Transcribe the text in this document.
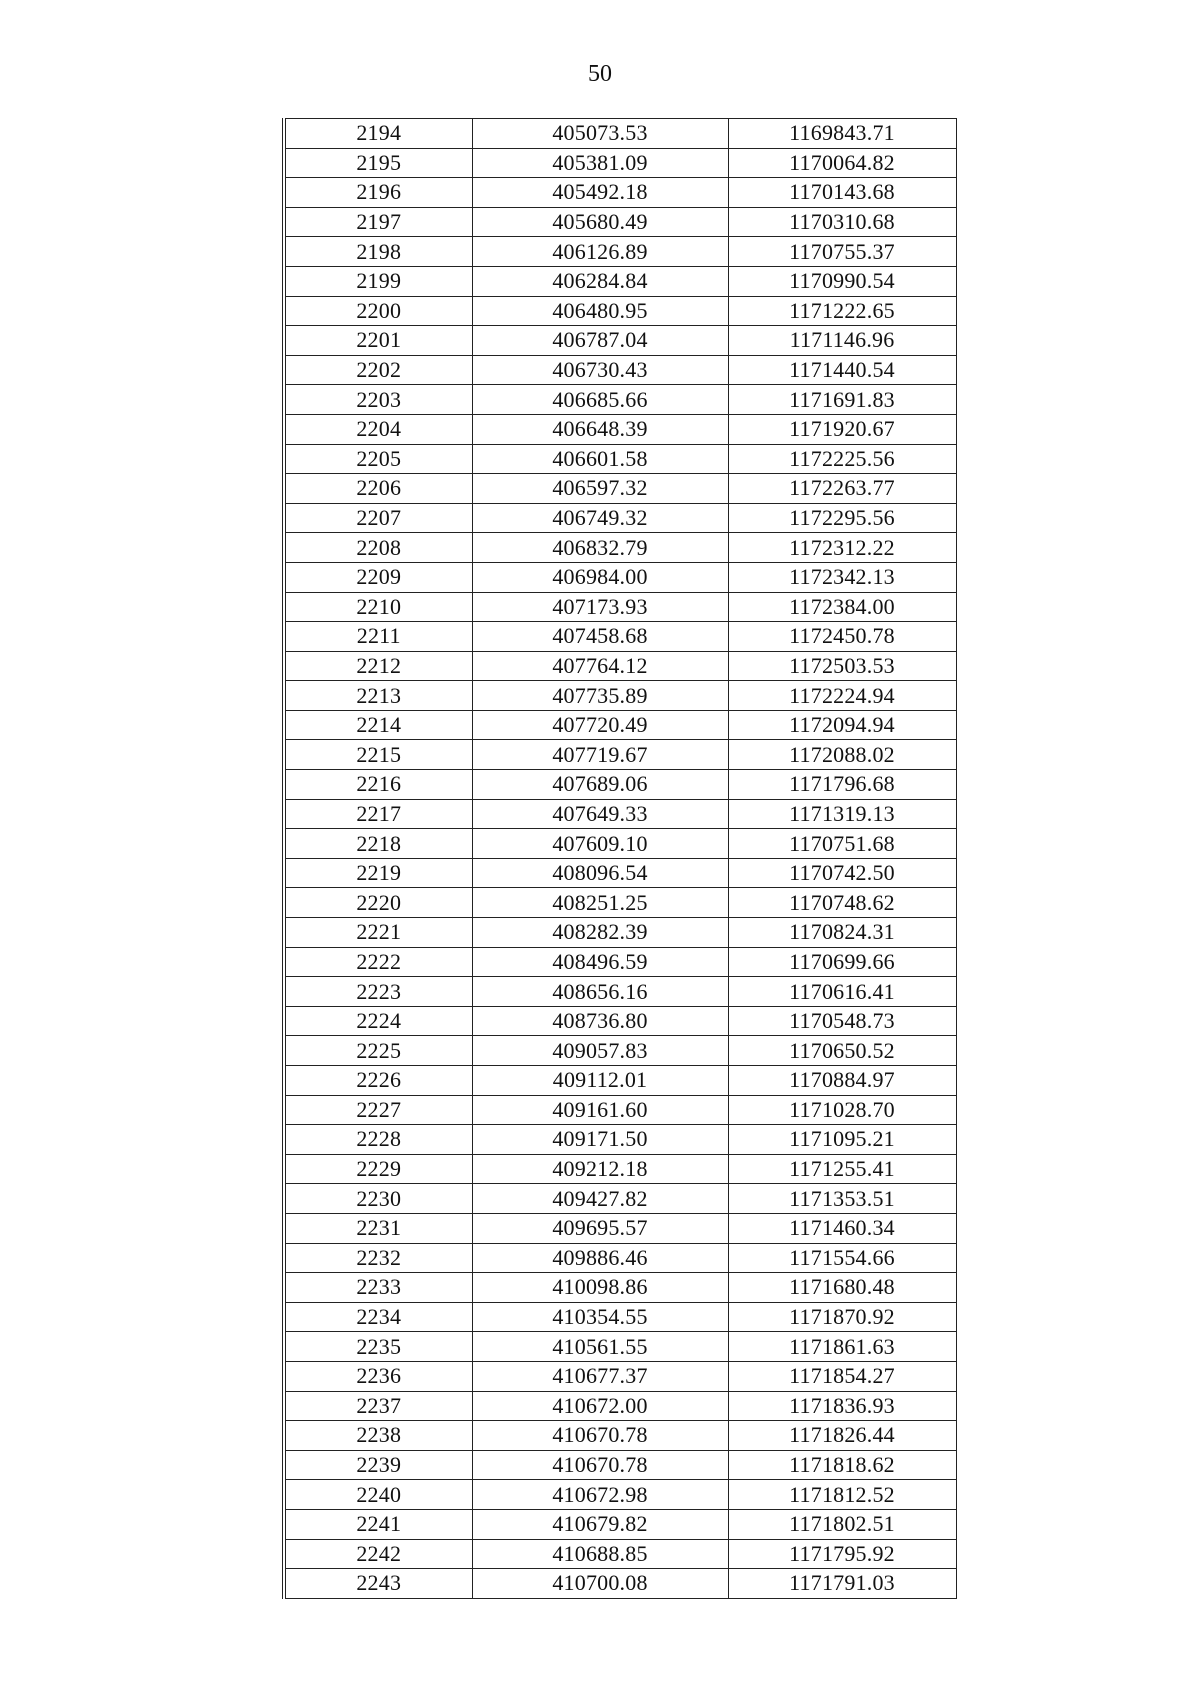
50
2194	405073.53	1169843.71
2195	405381.09	1170064.82
2196	405492.18	1170143.68
2197	405680.49	1170310.68
2198	406126.89	1170755.37
2199	406284.84	1170990.54
2200	406480.95	1171222.65
2201	406787.04	1171146.96
2202	406730.43	1171440.54
2203	406685.66	1171691.83
2204	406648.39	1171920.67
2205	406601.58	1172225.56
2206	406597.32	1172263.77
2207	406749.32	1172295.56
2208	406832.79	1172312.22
2209	406984.00	1172342.13
2210	407173.93	1172384.00
2211	407458.68	1172450.78
2212	407764.12	1172503.53
2213	407735.89	1172224.94
2214	407720.49	1172094.94
2215	407719.67	1172088.02
2216	407689.06	1171796.68
2217	407649.33	1171319.13
2218	407609.10	1170751.68
2219	408096.54	1170742.50
2220	408251.25	1170748.62
2221	408282.39	1170824.31
2222	408496.59	1170699.66
2223	408656.16	1170616.41
2224	408736.80	1170548.73
2225	409057.83	1170650.52
2226	409112.01	1170884.97
2227	409161.60	1171028.70
2228	409171.50	1171095.21
2229	409212.18	1171255.41
2230	409427.82	1171353.51
2231	409695.57	1171460.34
2232	409886.46	1171554.66
2233	410098.86	1171680.48
2234	410354.55	1171870.92
2235	410561.55	1171861.63
2236	410677.37	1171854.27
2237	410672.00	1171836.93
2238	410670.78	1171826.44
2239	410670.78	1171818.62
2240	410672.98	1171812.52
2241	410679.82	1171802.51
2242	410688.85	1171795.92
2243	410700.08	1171791.03
